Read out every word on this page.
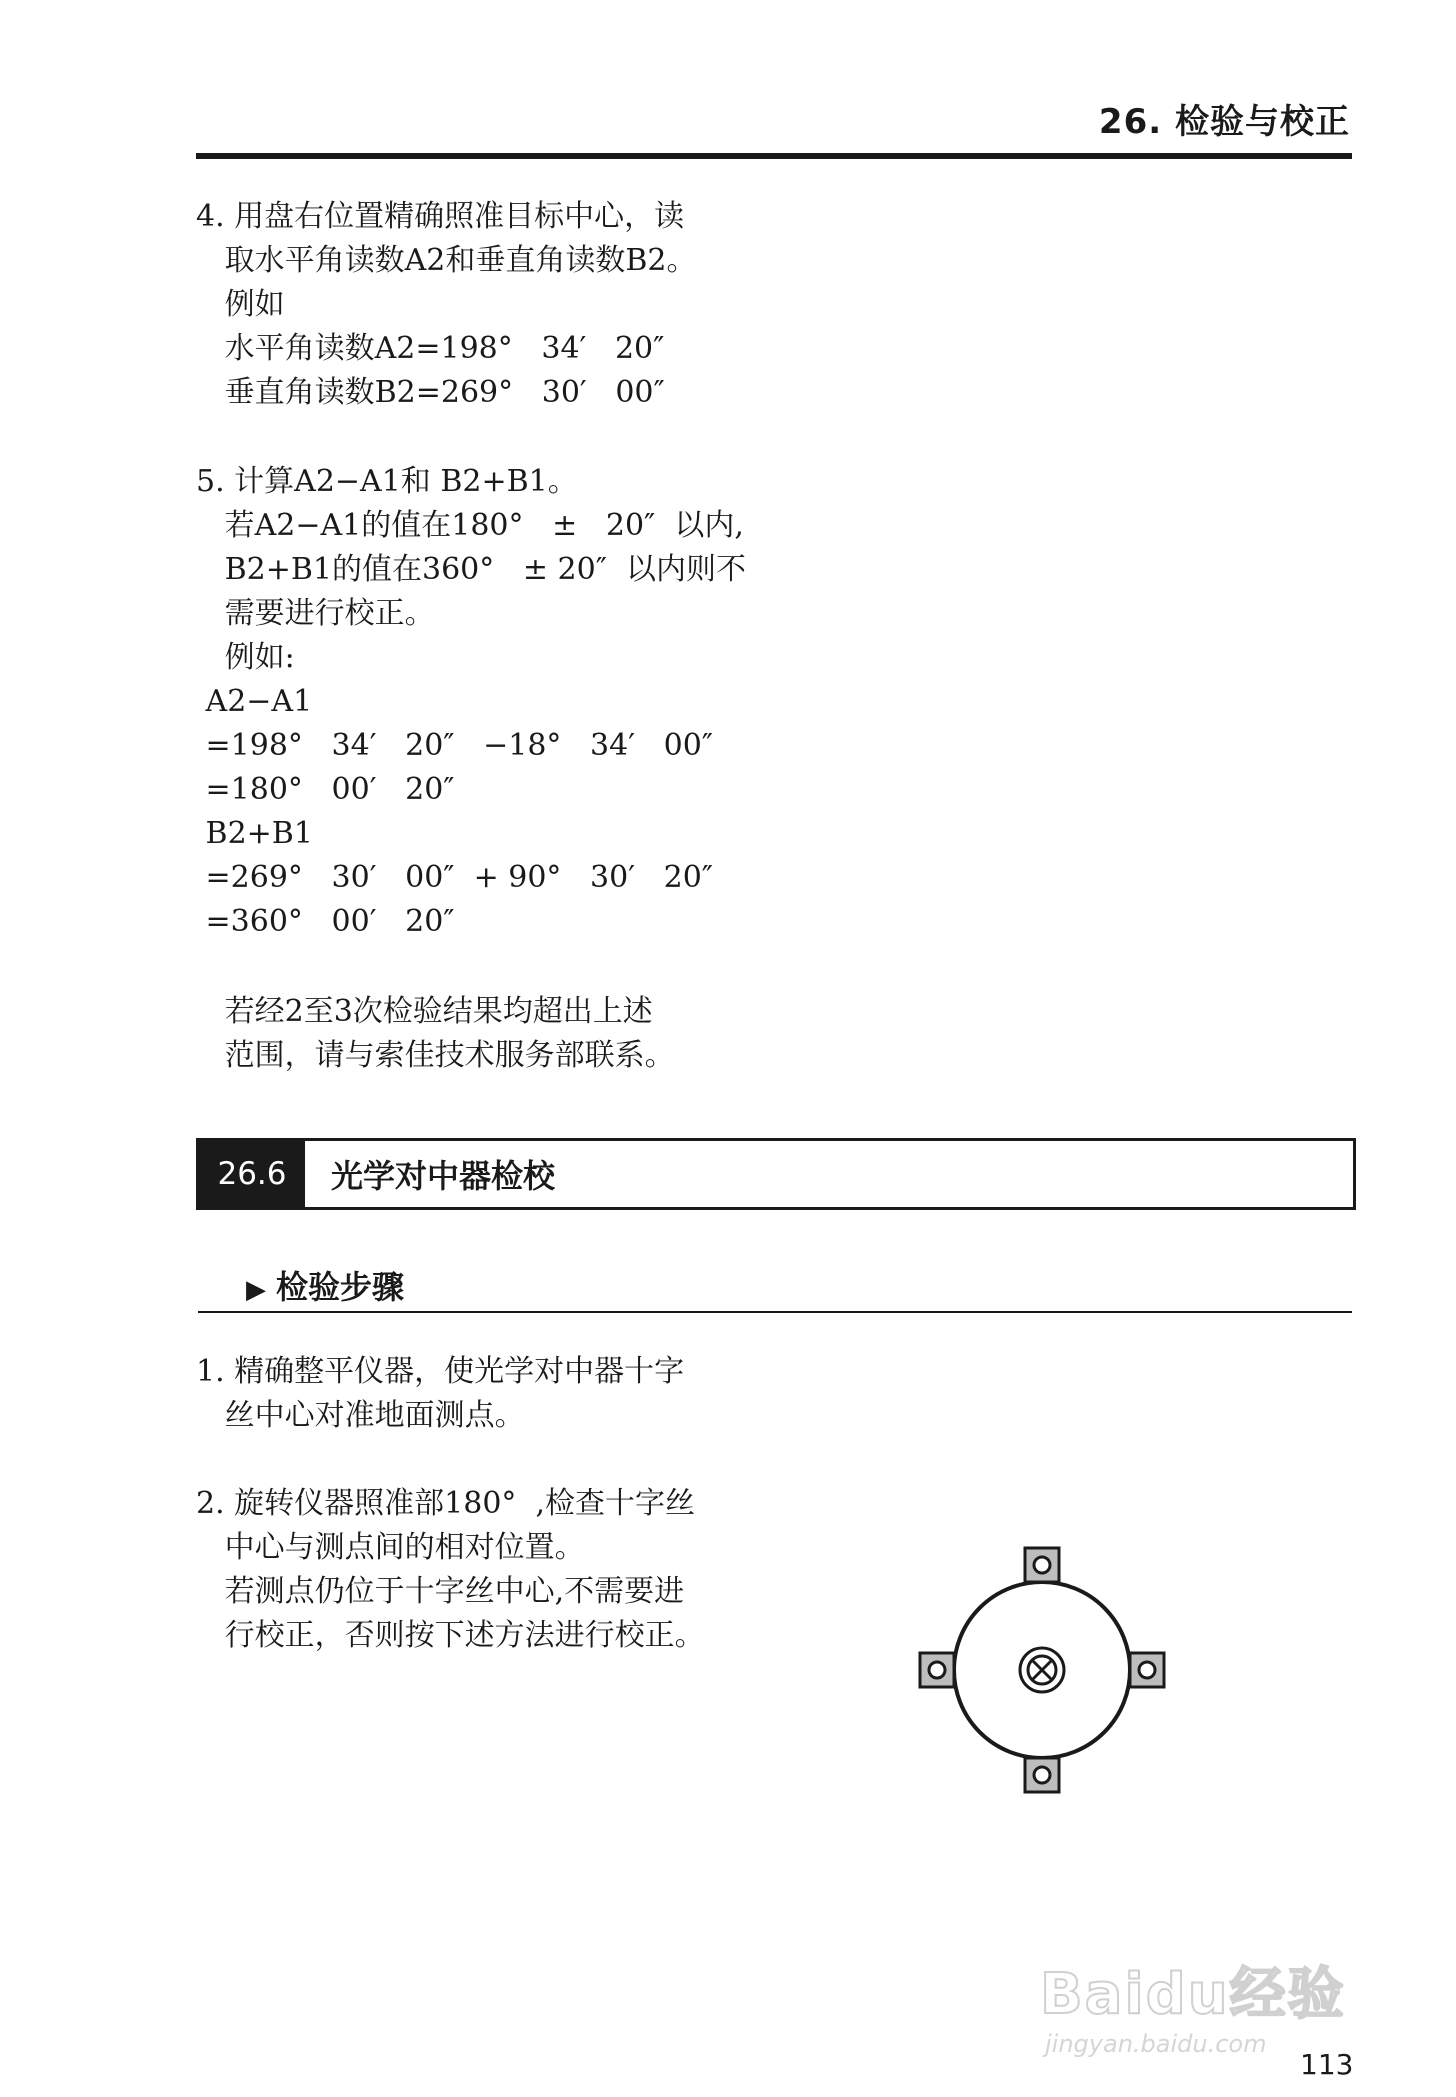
26. 检验与校正
4. 用盘右位置精确照准目标中心，读
取水平角读数A2和垂直角读数B2。
例如
水平角读数A2=198°   34′   20″
垂直角读数B2=269°   30′   00″
5. 计算A2−A1和 B2+B1。
若A2−A1的值在180°   ±   20″  以内,
B2+B1的值在360°   ± 20″  以内则不
需要进行校正。
例如:
A2−A1
=198°   34′   20″   −18°   34′   00″
=180°   00′   20″
B2+B1
=269°   30′   00″  + 90°   30′   20″
=360°   00′   20″
若经2至3次检验结果均超出上述
范围，请与索佳技术服务部联系。
26.6	光学对中器检校
▶ 检验步骤
1. 精确整平仪器，使光学对中器十字
丝中心对准地面测点。
2. 旋转仪器照准部180°  ,检查十字丝
中心与测点间的相对位置。
若测点仍位于十字丝中心,不需要进
行校正，否则按下述方法进行校正。
Baidu经验
jingyan.baidu.com
113
